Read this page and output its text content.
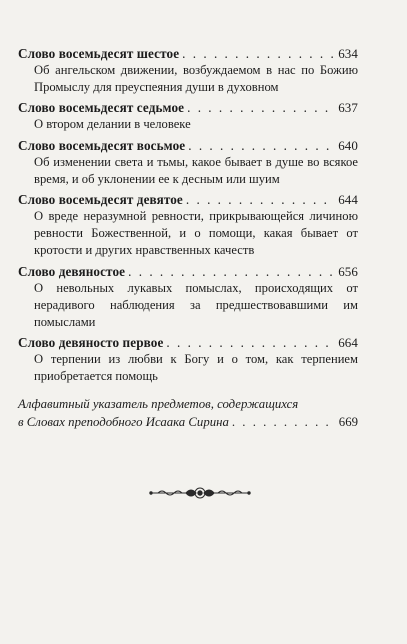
Слово восемьдесят шестое . . .	634
Об ангельском движении, возбуждаемом в нас по Божию Промыслу для преуспеяния души в духовном
Слово восемьдесят седьмое . . .	637
О втором делании в человеке
Слово восемьдесят восьмое . . .	640
Об изменении света и тьмы, какое бывает в душе во всякое время, и об уклонении ее к десным или шуим
Слово восемьдесят девятое . . .	644
О вреде неразумной ревности, прикрывающейся личиною ревности Божественной, и о помощи, какая бывает от кротости и других нравственных качеств
Слово девяностое . . .	656
О невольных лукавых помыслах, происходящих от нерадивого наблюдения за предшествовавшими им помыслами
Слово девяносто первое . . .	664
О терпении из любви к Богу и о том, как терпением приобретается помощь
Алфавитный указатель предметов, содержащихся
в Словах преподобного Исаака Сирина . . .	669
